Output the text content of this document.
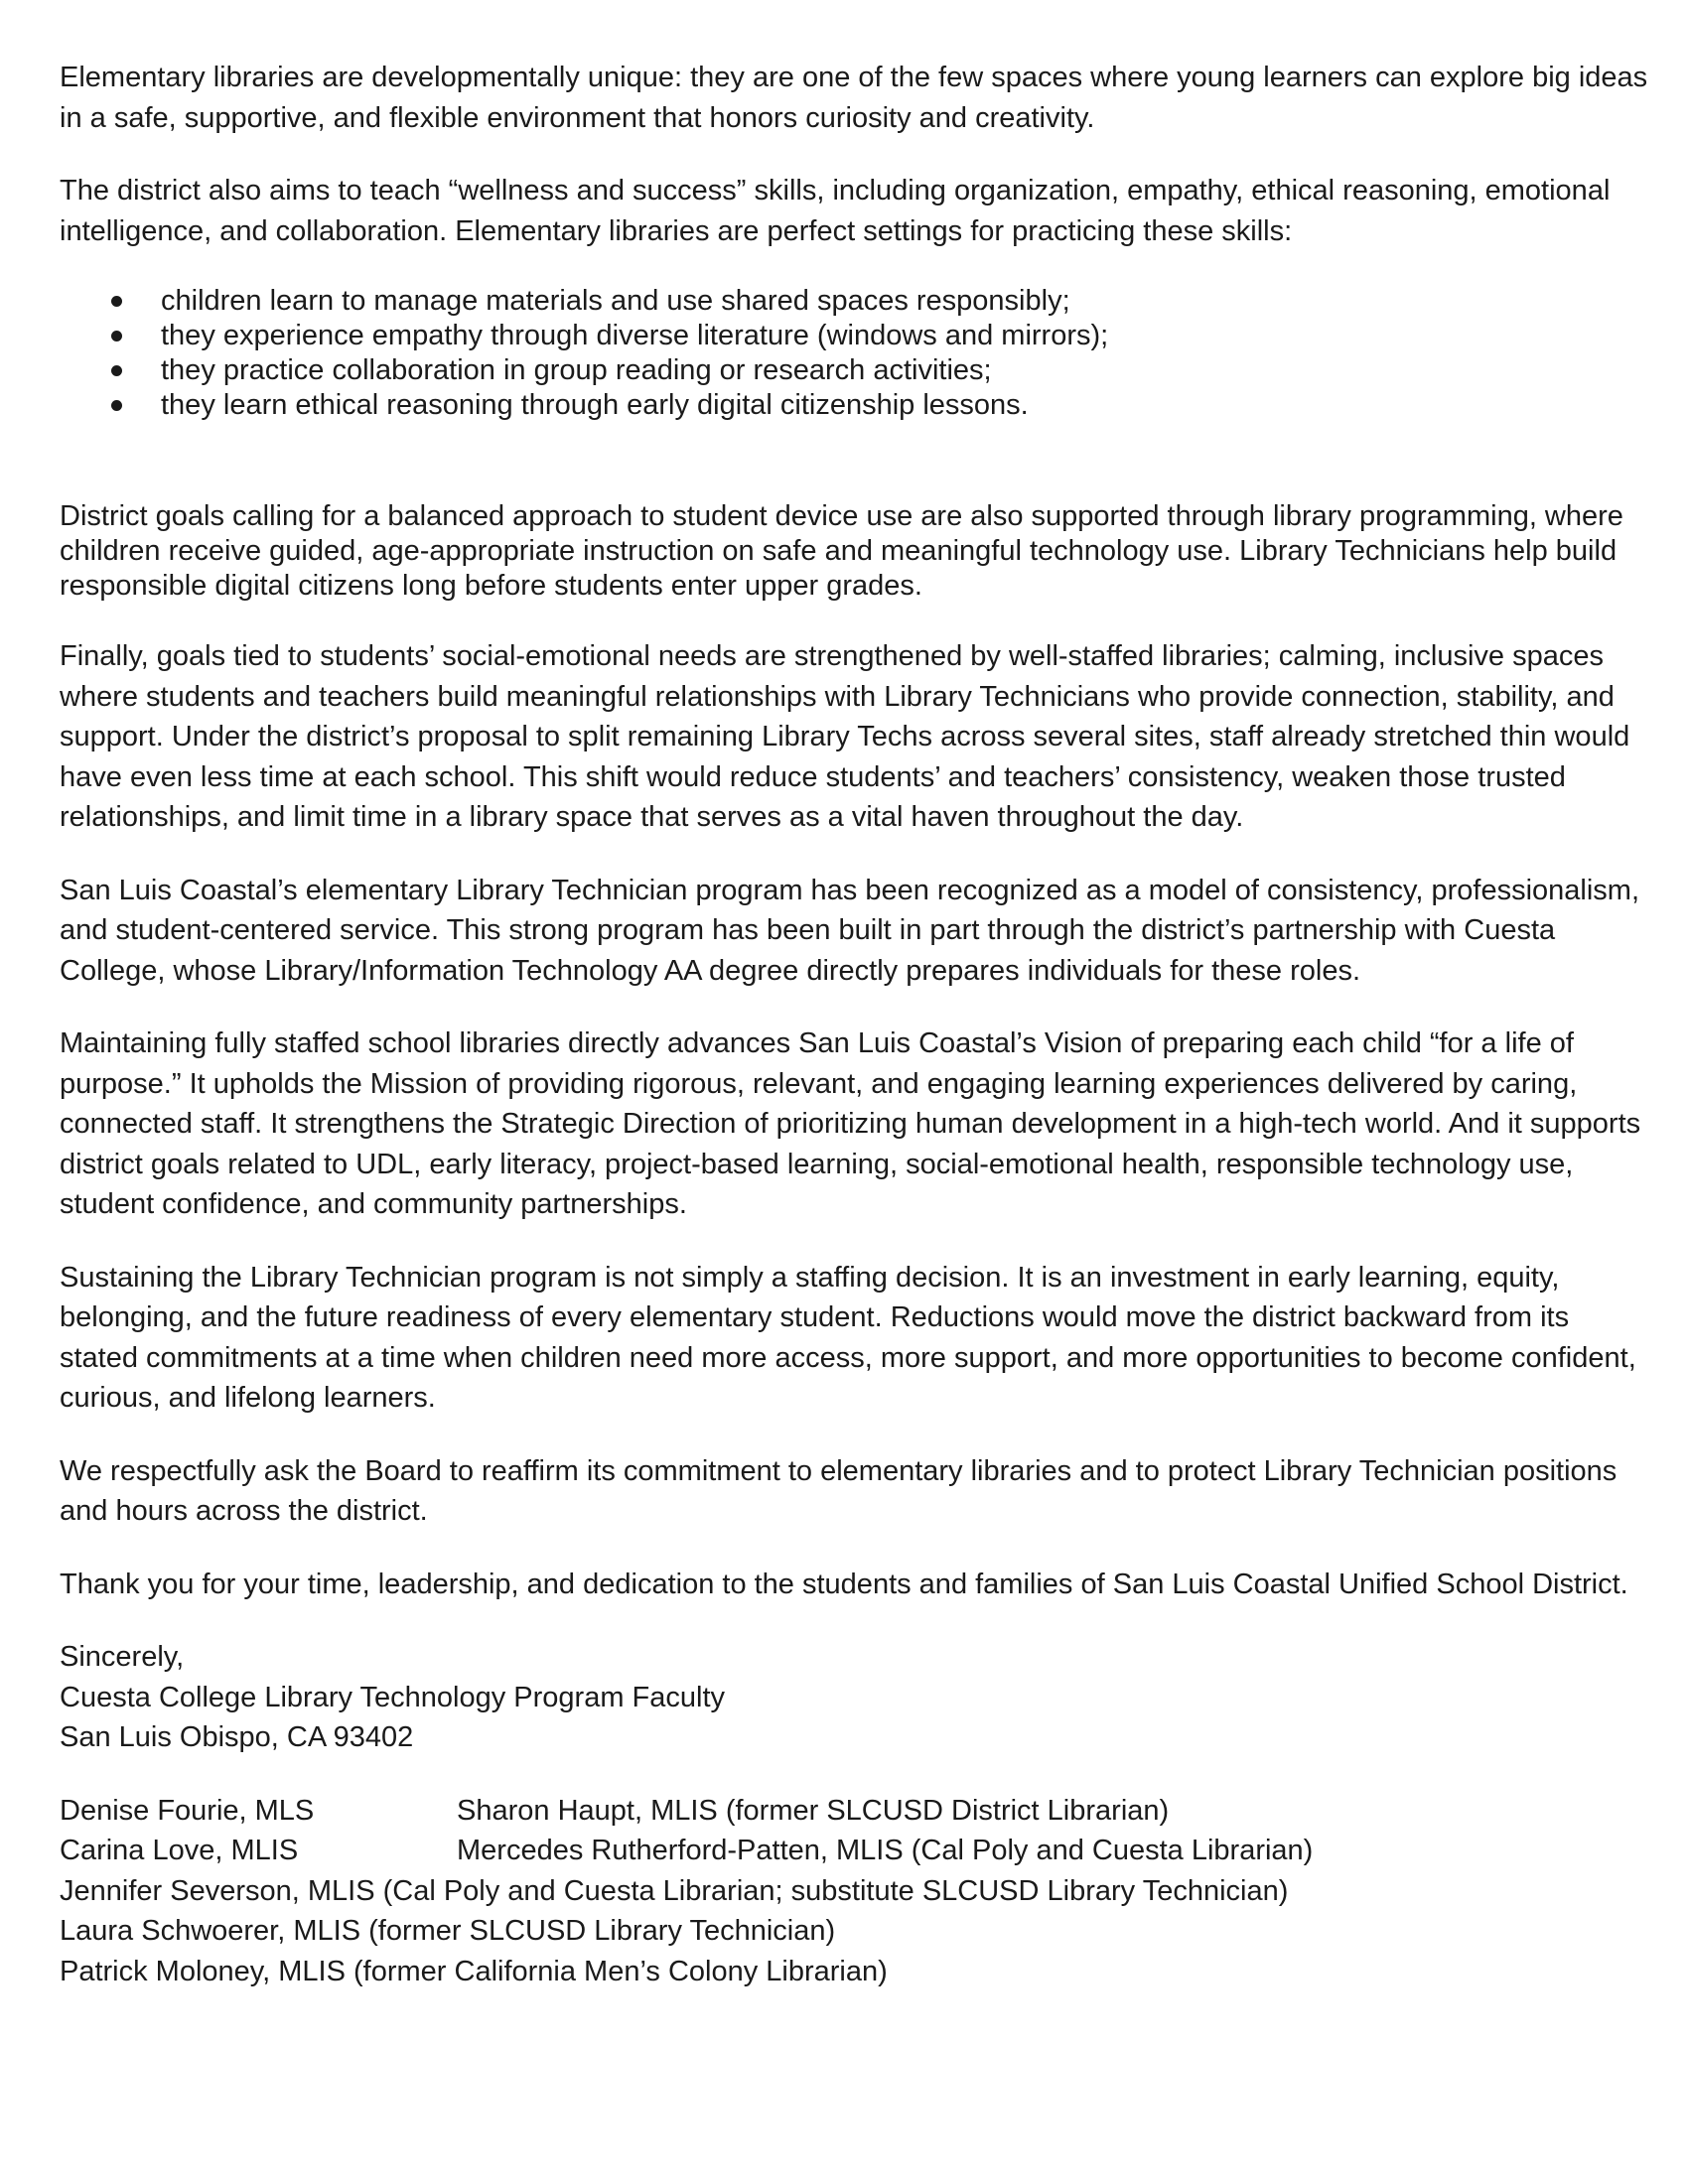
Elementary libraries are developmentally unique: they are one of the few spaces where young learners can explore big ideas in a safe, supportive, and flexible environment that honors curiosity and creativity.

The district also aims to teach “wellness and success” skills, including organization, empathy, ethical reasoning, emotional intelligence, and collaboration. Elementary libraries are perfect settings for practicing these skills:

children learn to manage materials and use shared spaces responsibly;
they experience empathy through diverse literature (windows and mirrors);
they practice collaboration in group reading or research activities;
they learn ethical reasoning through early digital citizenship lessons.

District goals calling for a balanced approach to student device use are also supported through library programming, where children receive guided, age-appropriate instruction on safe and meaningful technology use. Library Technicians help build responsible digital citizens long before students enter upper grades.

Finally, goals tied to students’ social-emotional needs are strengthened by well-staffed libraries; calming, inclusive spaces where students and teachers build meaningful relationships with Library Technicians who provide connection, stability, and support. Under the district’s proposal to split remaining Library Techs across several sites, staff already stretched thin would have even less time at each school. This shift would reduce students’ and teachers’ consistency, weaken those trusted relationships, and limit time in a library space that serves as a vital haven throughout the day.

San Luis Coastal’s elementary Library Technician program has been recognized as a model of consistency, professionalism, and student-centered service. This strong program has been built in part through the district’s partnership with Cuesta College, whose Library/Information Technology AA degree directly prepares individuals for these roles.

Maintaining fully staffed school libraries directly advances San Luis Coastal’s Vision of preparing each child “for a life of purpose.” It upholds the Mission of providing rigorous, relevant, and engaging learning experiences delivered by caring, connected staff. It strengthens the Strategic Direction of prioritizing human development in a high-tech world. And it supports district goals related to UDL, early literacy, project-based learning, social-emotional health, responsible technology use, student confidence, and community partnerships.

Sustaining the Library Technician program is not simply a staffing decision. It is an investment in early learning, equity, belonging, and the future readiness of every elementary student. Reductions would move the district backward from its stated commitments at a time when children need more access, more support, and more opportunities to become confident, curious, and lifelong learners.

We respectfully ask the Board to reaffirm its commitment to elementary libraries and to protect Library Technician positions and hours across the district.

Thank you for your time, leadership, and dedication to the students and families of San Luis Coastal Unified School District.

Sincerely,
Cuesta College Library Technology Program Faculty
San Luis Obispo, CA 93402
Denise Fourie, MLS	Sharon Haupt, MLIS (former SLCUSD District Librarian)
Carina Love, MLIS	Mercedes Rutherford-Patten, MLIS (Cal Poly and Cuesta Librarian)
Jennifer Severson, MLIS (Cal Poly and Cuesta Librarian; substitute SLCUSD Library Technician)
Laura Schwoerer, MLIS (former SLCUSD Library Technician)
Patrick Moloney, MLIS (former California Men’s Colony Librarian)
